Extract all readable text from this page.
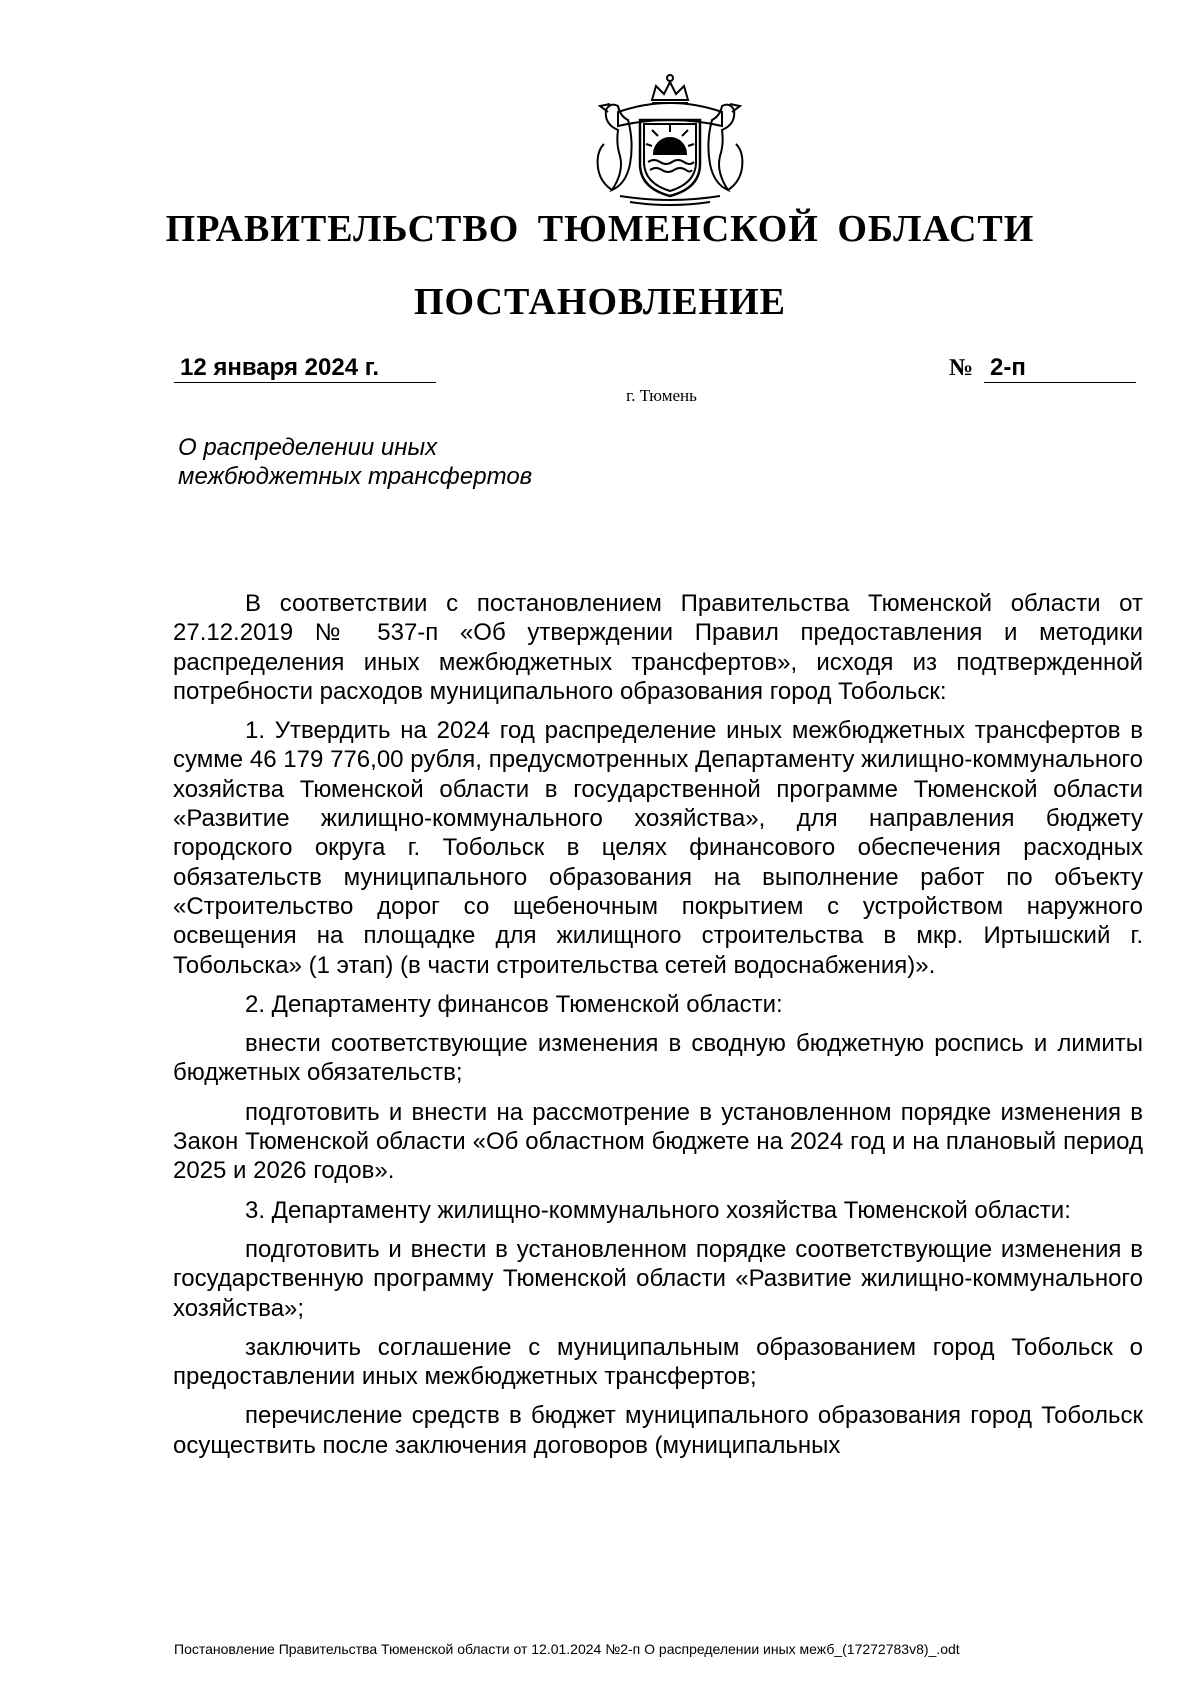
ПРАВИТЕЛЬСТВО ТЮМЕНСКОЙ ОБЛАСТИ
ПОСТАНОВЛЕНИЕ
12 января 2024 г.	№ 2-п
г. Тюмень
О распределении иных
межбюджетных трансфертов

В соответствии с постановлением Правительства Тюменской области от 27.12.2019 № 537-п «Об утверждении Правил предоставления и методики распределения иных межбюджетных трансфертов», исходя из подтвержденной потребности расходов муниципального образования город Тобольск:

1. Утвердить на 2024 год распределение иных межбюджетных трансфертов в сумме 46 179 776,00 рубля, предусмотренных Департаменту жилищно-коммунального хозяйства Тюменской области в государственной программе Тюменской области «Развитие жилищно-коммунального хозяйства», для направления бюджету городского округа г. Тобольск в целях финансового обеспечения расходных обязательств муниципального образования на выполнение работ по объекту «Строительство дорог со щебеночным покрытием с устройством наружного освещения на площадке для жилищного строительства в мкр. Иртышский г. Тобольска» (1 этап) (в части строительства сетей водоснабжения)».

2. Департаменту финансов Тюменской области:

внести соответствующие изменения в сводную бюджетную роспись и лимиты бюджетных обязательств;

подготовить и внести на рассмотрение в установленном порядке изменения в Закон Тюменской области «Об областном бюджете на 2024 год и на плановый период 2025 и 2026 годов».

3. Департаменту жилищно-коммунального хозяйства Тюменской области:

подготовить и внести в установленном порядке соответствующие изменения в государственную программу Тюменской области «Развитие жилищно-коммунального хозяйства»;

заключить соглашение с муниципальным образованием город Тобольск о предоставлении иных межбюджетных трансфертов;

перечисление средств в бюджет муниципального образования город Тобольск осуществить после заключения договоров (муниципальных

Постановление Правительства Тюменской области от 12.01.2024 №2-п О распределении иных межб_(17272783v8)_.odt
